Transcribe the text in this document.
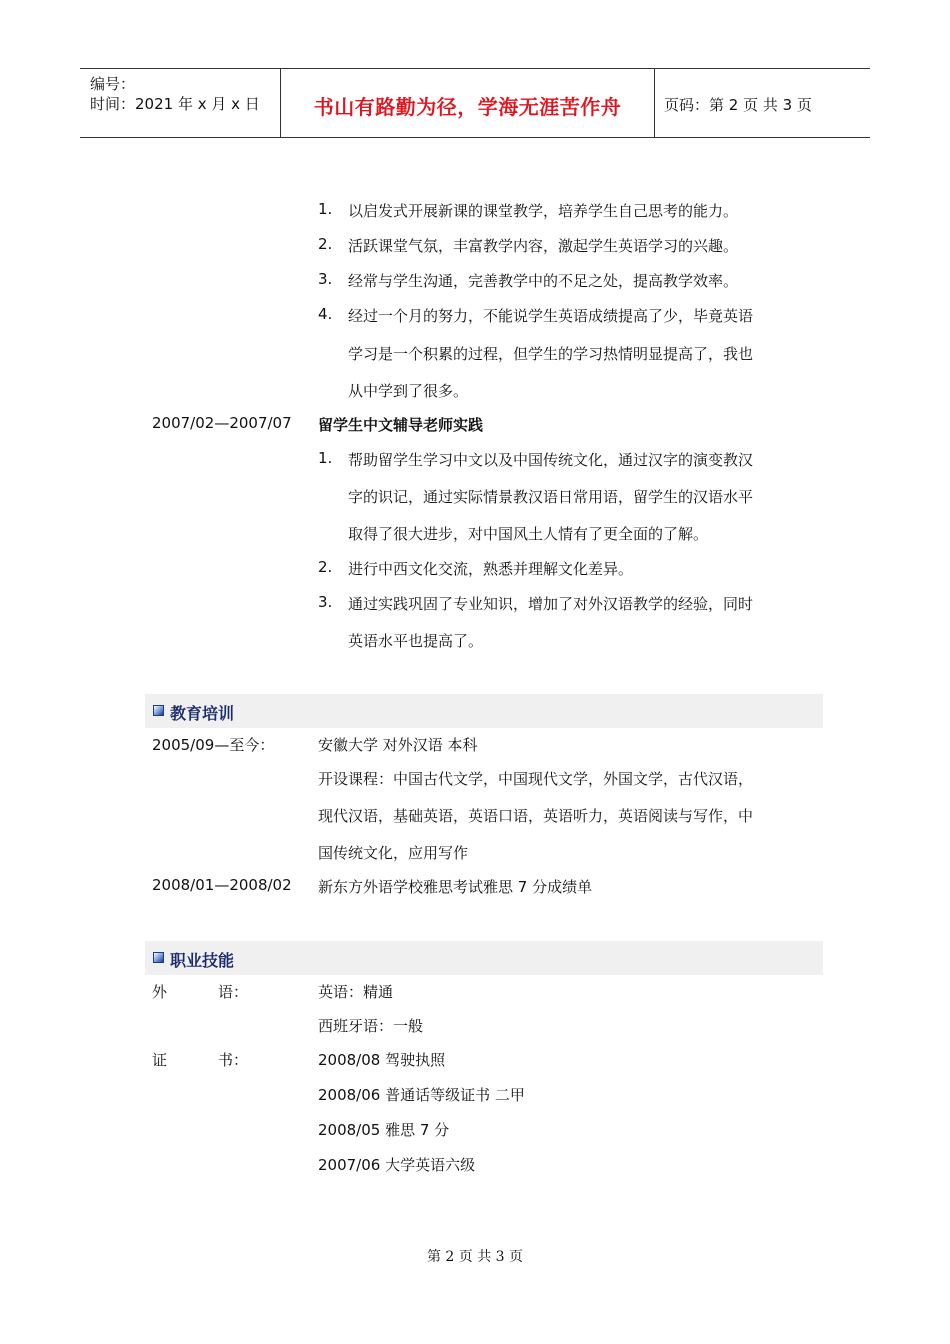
编号：
时间：2021 年 x 月 x 日	书山有路勤为径，学海无涯苦作舟	页码：第 2 页 共 3 页
1.	以启发式开展新课的课堂教学，培养学生自己思考的能力。
2.	活跃课堂气氛，丰富教学内容，激起学生英语学习的兴趣。
3.	经常与学生沟通，完善教学中的不足之处，提高教学效率。
4.	经过一个月的努力，不能说学生英语成绩提高了少，毕竟英语
学习是一个积累的过程，但学生的学习热情明显提高了，我也
从中学到了很多。
2007/02—2007/07 留学生中文辅导老师实践
1.	帮助留学生学习中文以及中国传统文化，通过汉字的演变教汉
字的识记，通过实际情景教汉语日常用语，留学生的汉语水平
取得了很大进步，对中国风土人情有了更全面的了解。
2.	进行中西文化交流，熟悉并理解文化差异。
3.	通过实践巩固了专业知识，增加了对外汉语教学的经验，同时
英语水平也提高了。
教育培训
2005/09—至今：	安徽大学 对外汉语 本科
开设课程：中国古代文学，中国现代文学，外国文学，古代汉语，
现代汉语，基础英语，英语口语，英语听力，英语阅读与写作，中
国传统文化，应用写作
2008/01—2008/02 新东方外语学校雅思考试雅思 7 分成绩单
职业技能
外	语：	英语：精通
西班牙语：一般
证	书：	2008/08 驾驶执照
2008/06 普通话等级证书 二甲
2008/05 雅思 7 分
2007/06 大学英语六级
第 2 页 共 3 页
